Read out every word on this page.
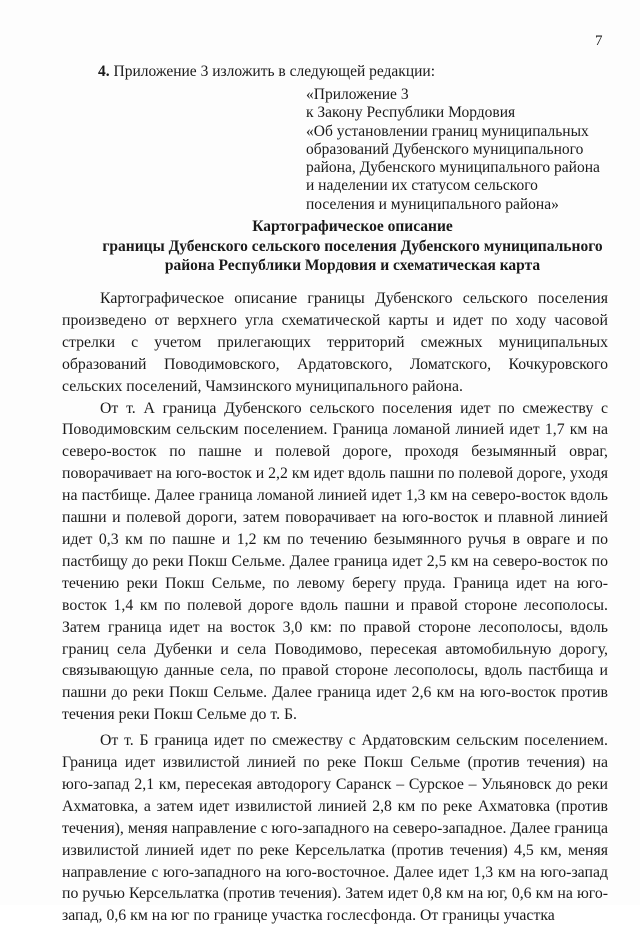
7
4. Приложение 3 изложить в следующей редакции:
«Приложение 3
к Закону Республики Мордовия
«Об установлении границ муниципальных
образований Дубенского муниципального
района, Дубенского муниципального района
и наделении их статусом сельского
поселения и муниципального района»
Картографическое описание
границы Дубенского сельского поселения Дубенского муниципального
района Республики Мордовия и схематическая карта

Картографическое описание границы Дубенского сельского поселения произведено от верхнего угла схематической карты и идет по ходу часовой стрелки с учетом прилегающих территорий смежных муниципальных образований Поводимовского, Ардатовского, Ломатского, Кочкуровского сельских поселений, Чамзинского муниципального района.

От т. А граница Дубенского сельского поселения идет по смежеству с Поводимовским сельским поселением. Граница ломаной линией идет 1,7 км на северо-восток по пашне и полевой дороге, проходя безымянный овраг, поворачивает на юго-восток и 2,2 км идет вдоль пашни по полевой дороге, уходя на пастбище. Далее граница ломаной линией идет 1,3 км на северо-восток вдоль пашни и полевой дороги, затем поворачивает на юго-восток и плавной линией идет 0,3 км по пашне и 1,2 км по течению безымянного ручья в овраге и по пастбищу до реки Покш Сельме. Далее граница идет 2,5 км на северо-восток по течению реки Покш Сельме, по левому берегу пруда. Граница идет на юго-восток 1,4 км по полевой дороге вдоль пашни и правой стороне лесополосы. Затем граница идет на восток 3,0 км: по правой стороне лесополосы, вдоль границ села Дубенки и села Поводимово, пересекая автомобильную дорогу, связывающую данные села, по правой стороне лесополосы, вдоль пастбища и пашни до реки Покш Сельме. Далее граница идет 2,6 км на юго-восток против течения реки Покш Сельме до т. Б.

От т. Б граница идет по смежеству с Ардатовским сельским поселением. Граница идет извилистой линией по реке Покш Сельме (против течения) на юго-запад 2,1 км, пересекая автодорогу Саранск – Сурское – Ульяновск до реки Ахматовка, а затем идет извилистой линией 2,8 км по реке Ахматовка (против течения), меняя направление с юго-западного на северо-западное. Далее граница извилистой линией идет по реке Керсельлатка (против течения) 4,5 км, меняя направление с юго-западного на юго-восточное. Далее идет 1,3 км на юго-запад по ручью Керсельлатка (против течения). Затем идет 0,8 км на юг, 0,6 км на юго-запад, 0,6 км на юг по границе участка гослесфонда. От границы участка
